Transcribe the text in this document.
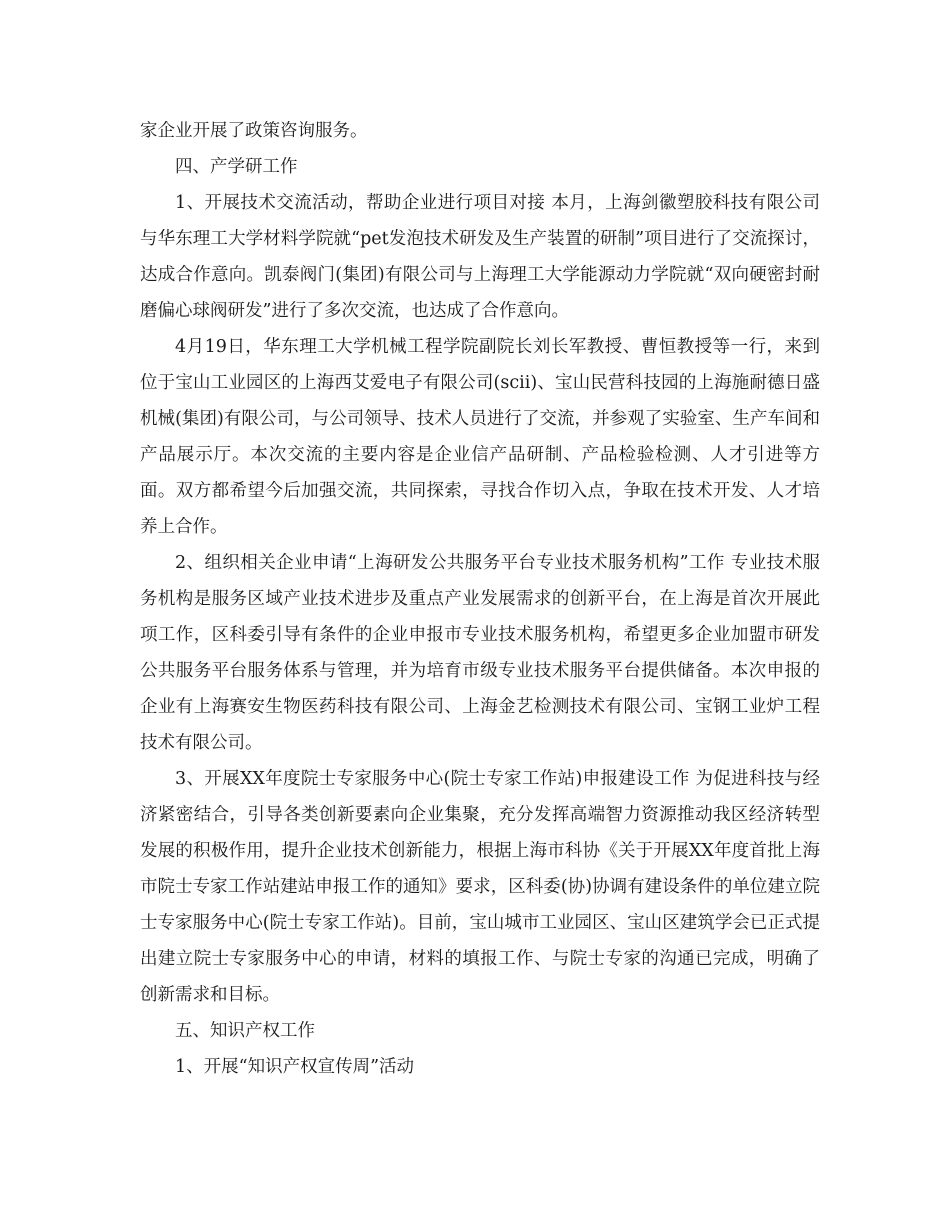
家企业开展了政策咨询服务。

四、产学研工作

1、开展技术交流活动，帮助企业进行项目对接 本月，上海剑徽塑胶科技有限公司与华东理工大学材料学院就“pet发泡技术研发及生产装置的研制”项目进行了交流探讨，达成合作意向。凯泰阀门(集团)有限公司与上海理工大学能源动力学院就“双向硬密封耐磨偏心球阀研发”进行了多次交流，也达成了合作意向。

4月19日，华东理工大学机械工程学院副院长刘长军教授、曹恒教授等一行，来到位于宝山工业园区的上海西艾爱电子有限公司(scii)、宝山民营科技园的上海施耐德日盛机械(集团)有限公司，与公司领导、技术人员进行了交流，并参观了实验室、生产车间和产品展示厅。本次交流的主要内容是企业信产品研制、产品检验检测、人才引进等方面。双方都希望今后加强交流，共同探索，寻找合作切入点，争取在技术开发、人才培养上合作。

2、组织相关企业申请“上海研发公共服务平台专业技术服务机构”工作 专业技术服务机构是服务区域产业技术进步及重点产业发展需求的创新平台，在上海是首次开展此项工作，区科委引导有条件的企业申报市专业技术服务机构，希望更多企业加盟市研发公共服务平台服务体系与管理，并为培育市级专业技术服务平台提供储备。本次申报的企业有上海赛安生物医药科技有限公司、上海金艺检测技术有限公司、宝钢工业炉工程技术有限公司。

3、开展XX年度院士专家服务中心(院士专家工作站)申报建设工作 为促进科技与经济紧密结合，引导各类创新要素向企业集聚，充分发挥高端智力资源推动我区经济转型发展的积极作用，提升企业技术创新能力，根据上海市科协《关于开展XX年度首批上海市院士专家工作站建站申报工作的通知》要求，区科委(协)协调有建设条件的单位建立院士专家服务中心(院士专家工作站)。目前，宝山城市工业园区、宝山区建筑学会已正式提出建立院士专家服务中心的申请，材料的填报工作、与院士专家的沟通已完成，明确了创新需求和目标。

五、知识产权工作

1、开展“知识产权宣传周”活动
